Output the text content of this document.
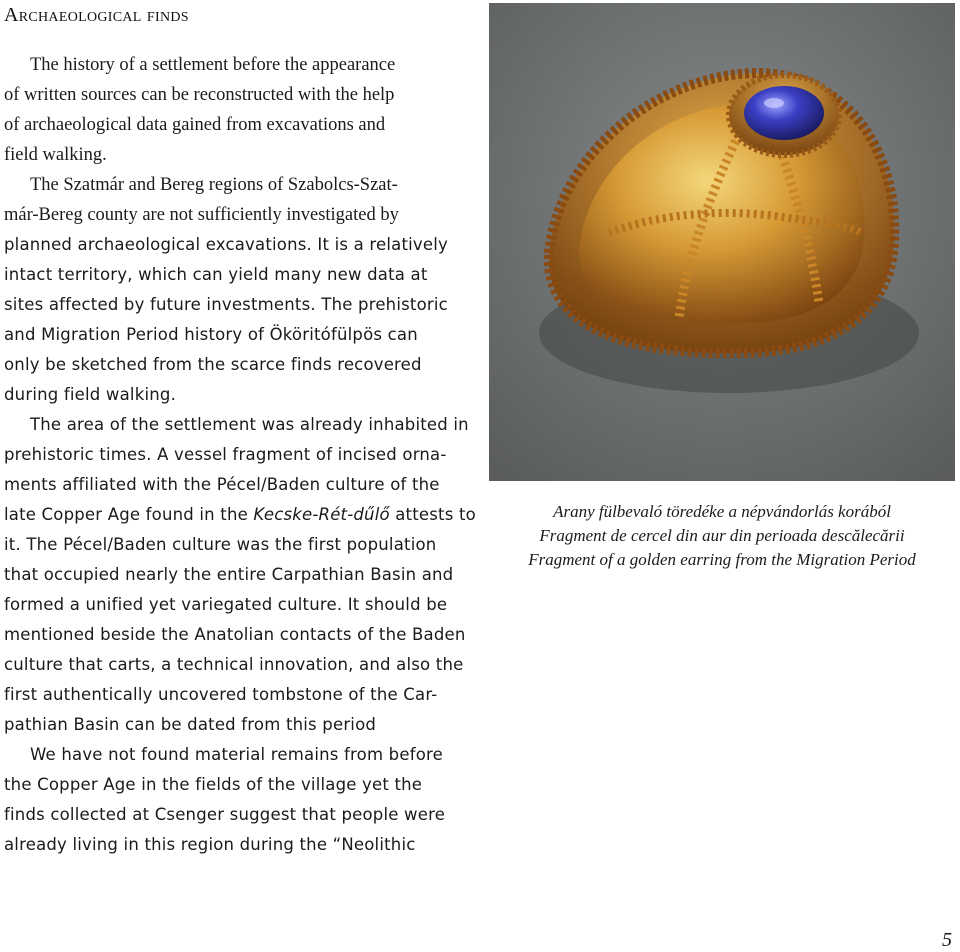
Archaeological finds
The history of a settlement before the appearance
of written sources can be reconstructed with the help
of archaeological data gained from excavations and
field walking.
The Szatmár and Bereg regions of Szabolcs-Szat-
már-Bereg county are not sufficiently investigated by
planned archaeological excavations. It is a relatively
intact territory, which can yield many new data at
sites affected by future investments. The prehistoric
and Migration Period history of Ököritófülpös can
only be sketched from the scarce finds recovered
during field walking.
The area of the settlement was already inhabited in
prehistoric times. A vessel fragment of incised orna-
ments affiliated with the Pécel/Baden culture of the
late Copper Age found in the Kecske-Rét-dűlő attests to
it. The Pécel/Baden culture was the first population
that occupied nearly the entire Carpathian Basin and
formed a unified yet variegated culture. It should be
mentioned beside the Anatolian contacts of the Baden
culture that carts, a technical innovation, and also the
first authentically uncovered tombstone of the Car-
pathian Basin can be dated from this period
We have not found material remains from before
the Copper Age in the fields of the village yet the
finds collected at Csenger suggest that people were
already living in this region during the “Neolithic
Arany fülbevaló töredéke a népvándorlás korából
Fragment de cercel din aur din perioada descălecării
Fragment of a golden earring from the Migration Period
5
